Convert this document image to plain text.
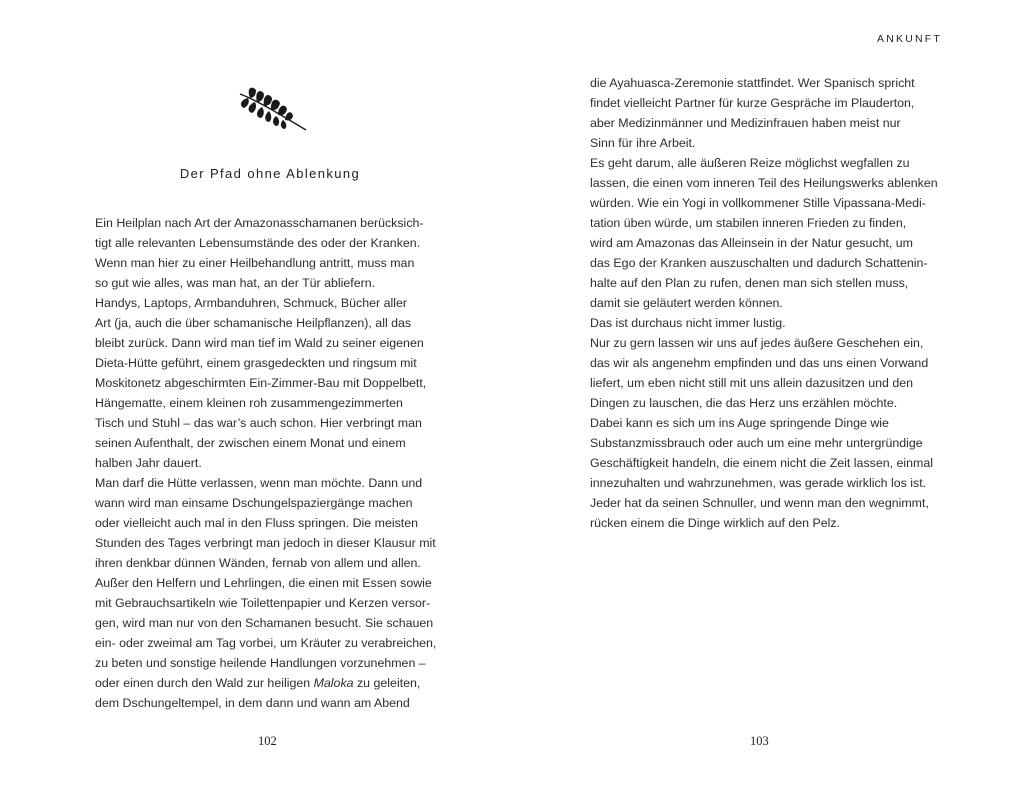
Der Pfad ohne Ablenkung
Ein Heilplan nach Art der Amazonasschamanen berücksich-
tigt alle relevanten Lebensumstände des oder der Kranken.
Wenn man hier zu einer Heilbehandlung antritt, muss man
so gut wie alles, was man hat, an der Tür abliefern.
Handys, Laptops, Armbanduhren, Schmuck, Bücher aller
Art (ja, auch die über schamanische Heilpflanzen), all das
bleibt zurück. Dann wird man tief im Wald zu seiner eigenen
Dieta-Hütte geführt, einem grasgedeckten und ringsum mit
Moskitonetz abgeschirmten Ein-Zimmer-Bau mit Doppelbett,
Hängematte, einem kleinen roh zusammengezimmerten
Tisch und Stuhl – das war’s auch schon. Hier verbringt man
seinen Aufenthalt, der zwischen einem Monat und einem
halben Jahr dauert.
Man darf die Hütte verlassen, wenn man möchte. Dann und
wann wird man einsame Dschungelspaziergänge machen
oder vielleicht auch mal in den Fluss springen. Die meisten
Stunden des Tages verbringt man jedoch in dieser Klausur mit
ihren denkbar dünnen Wänden, fernab von allem und allen.
Außer den Helfern und Lehrlingen, die einen mit Essen sowie
mit Gebrauchsartikeln wie Toilettenpapier und Kerzen versor-
gen, wird man nur von den Schamanen besucht. Sie schauen
ein- oder zweimal am Tag vorbei, um Kräuter zu verabreichen,
zu beten und sonstige heilende Handlungen vorzunehmen –
oder einen durch den Wald zur heiligen Maloka zu geleiten,
dem Dschungeltempel, in dem dann und wann am Abend
102
ANKUNFT
die Ayahuasca-Zeremonie stattfindet. Wer Spanisch spricht
findet vielleicht Partner für kurze Gespräche im Plauderton,
aber Medizinmänner und Medizinfrauen haben meist nur
Sinn für ihre Arbeit.
Es geht darum, alle äußeren Reize möglichst wegfallen zu
lassen, die einen vom inneren Teil des Heilungswerks ablenken
würden. Wie ein Yogi in vollkommener Stille Vipassana-Medi-
tation üben würde, um stabilen inneren Frieden zu finden,
wird am Amazonas das Alleinsein in der Natur gesucht, um
das Ego der Kranken auszuschalten und dadurch Schattenin-
halte auf den Plan zu rufen, denen man sich stellen muss,
damit sie geläutert werden können.
Das ist durchaus nicht immer lustig.
Nur zu gern lassen wir uns auf jedes äußere Geschehen ein,
das wir als angenehm empfinden und das uns einen Vorwand
liefert, um eben nicht still mit uns allein dazusitzen und den
Dingen zu lauschen, die das Herz uns erzählen möchte.
Dabei kann es sich um ins Auge springende Dinge wie
Substanzmissbrauch oder auch um eine mehr untergründige
Geschäftigkeit handeln, die einem nicht die Zeit lassen, einmal
innezuhalten und wahrzunehmen, was gerade wirklich los ist.
Jeder hat da seinen Schnuller, und wenn man den wegnimmt,
rücken einem die Dinge wirklich auf den Pelz.
103
